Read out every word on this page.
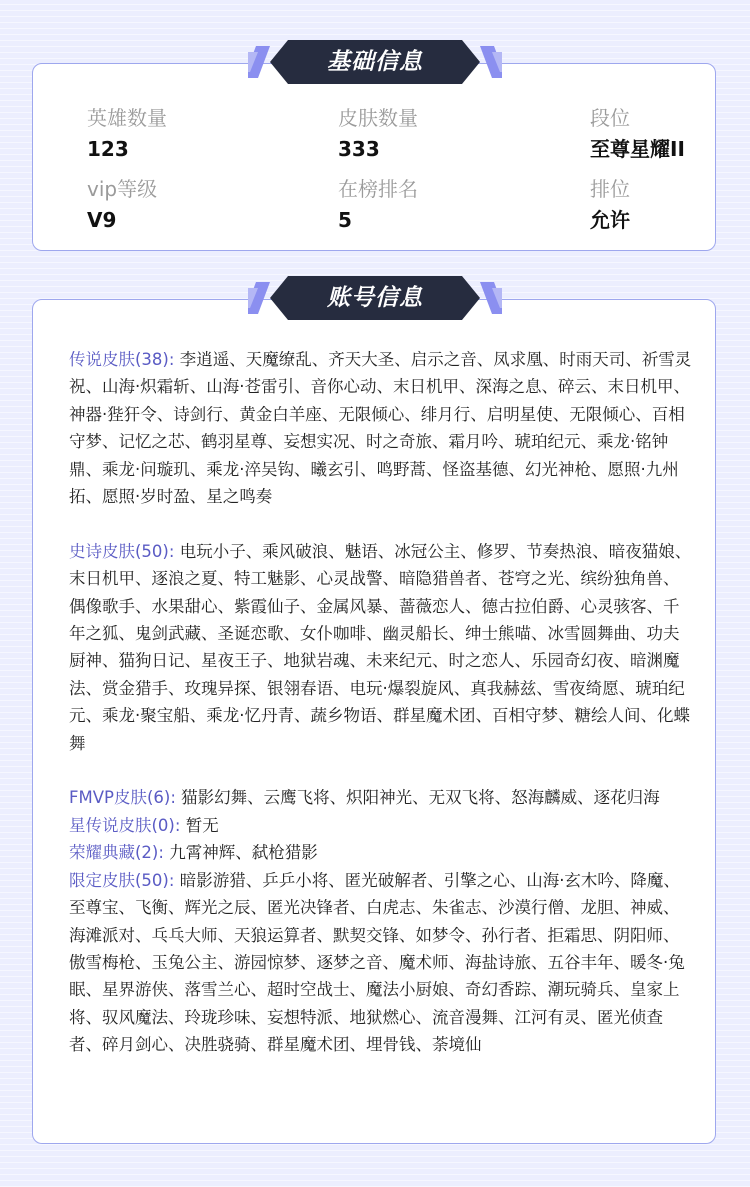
英雄数量
123
皮肤数量
333
段位
至尊星耀II
vip等级
V9
在榜排名
5
排位
允许
基础信息

传说皮肤(38): 李逍遥、天魔缭乱、齐天大圣、启示之音、凤求凰、时雨天司、祈雪灵祝、山海·炽霜斩、山海·苍雷引、音你心动、末日机甲、深海之息、碎云、末日机甲、神器·狴犴令、诗剑行、黄金白羊座、无限倾心、绯月行、启明星使、无限倾心、百相守梦、记忆之芯、鹤羽星尊、妄想实况、时之奇旅、霜月吟、琥珀纪元、乘龙·铭钟鼎、乘龙·问璇玑、乘龙·淬吴钩、曦玄引、鸣野蒿、怪盗基德、幻光神枪、愿照·九州拓、愿照·岁时盈、星之鸣奏

史诗皮肤(50): 电玩小子、乘风破浪、魅语、冰冠公主、修罗、节奏热浪、暗夜猫娘、末日机甲、逐浪之夏、特工魅影、心灵战警、暗隐猎兽者、苍穹之光、缤纷独角兽、偶像歌手、水果甜心、紫霞仙子、金属风暴、蔷薇恋人、德古拉伯爵、心灵骇客、千年之狐、鬼剑武藏、圣诞恋歌、女仆咖啡、幽灵船长、绅士熊喵、冰雪圆舞曲、功夫厨神、猫狗日记、星夜王子、地狱岩魂、未来纪元、时之恋人、乐园奇幻夜、暗渊魔法、赏金猎手、玫瑰异探、银翎春语、电玩·爆裂旋风、真我赫兹、雪夜绮愿、琥珀纪元、乘龙·聚宝船、乘龙·忆丹青、蔬乡物语、群星魔术团、百相守梦、糖绘人间、化蝶舞

FMVP皮肤(6): 猫影幻舞、云鹰飞将、炽阳神光、无双飞将、怒海麟威、逐花归海

星传说皮肤(0): 暂无

荣耀典藏(2): 九霄神辉、弑枪猎影

限定皮肤(50): 暗影游猎、乒乒小将、匿光破解者、引擎之心、山海·玄木吟、降魔、至尊宝、飞衡、辉光之辰、匿光决锋者、白虎志、朱雀志、沙漠行僧、龙胆、神威、海滩派对、乓乓大师、天狼运算者、默契交锋、如梦令、孙行者、拒霜思、阴阳师、傲雪梅枪、玉兔公主、游园惊梦、逐梦之音、魔术师、海盐诗旅、五谷丰年、暖冬·兔眠、星界游侠、落雪兰心、超时空战士、魔法小厨娘、奇幻香踪、潮玩骑兵、皇家上将、驭风魔法、玲珑珍味、妄想特派、地狱燃心、流音漫舞、江河有灵、匿光侦查者、碎月剑心、决胜骁骑、群星魔术团、埋骨钱、荼境仙

账号信息
